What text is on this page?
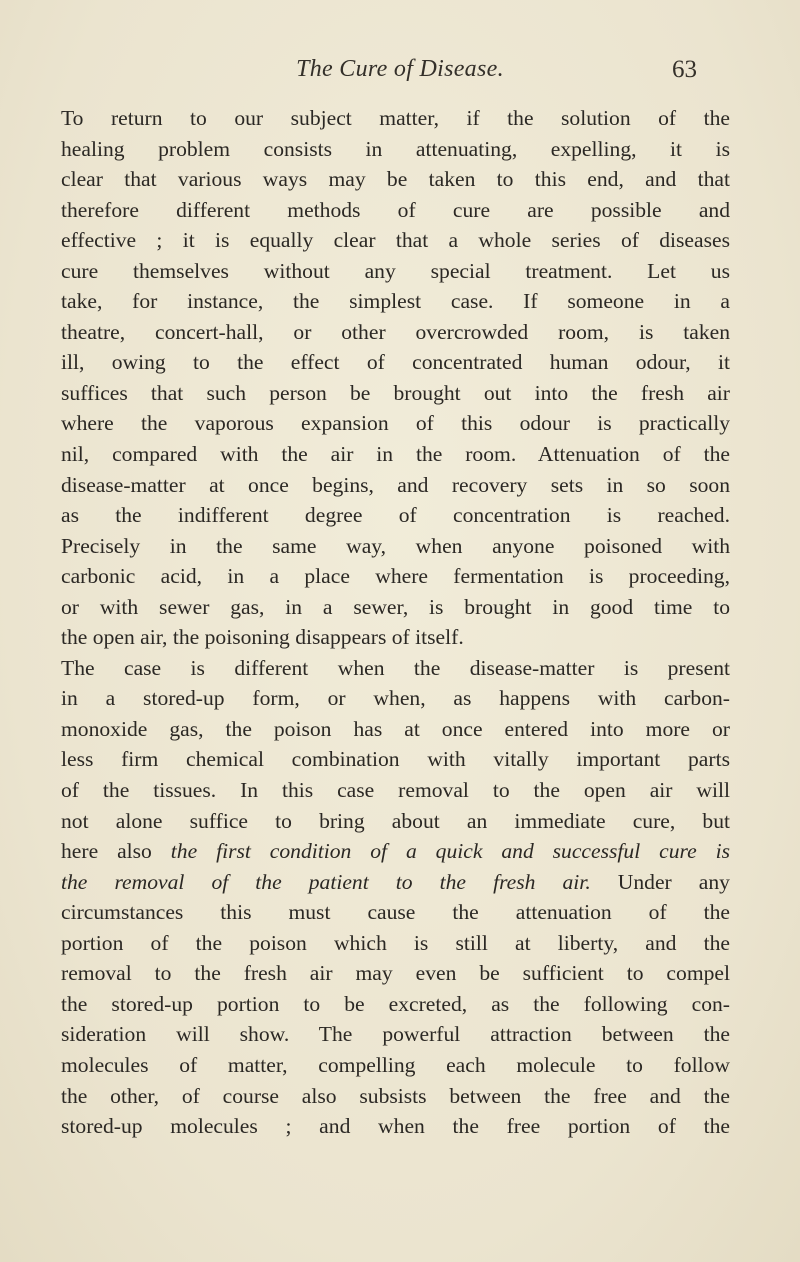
The Cure of Disease.	63
To return to our subject matter, if the solution of the
healing problem consists in attenuating, expelling, it is
clear that various ways may be taken to this end, and that
therefore different methods of cure are possible and
effective ; it is equally clear that a whole series of diseases
cure themselves without any special treatment. Let us
take, for instance, the simplest case. If someone in a
theatre, concert-hall, or other overcrowded room, is taken
ill, owing to the effect of concentrated human odour, it
suffices that such person be brought out into the fresh air
where the vaporous expansion of this odour is practically
nil, compared with the air in the room. Attenuation of the
disease-matter at once begins, and recovery sets in so soon
as the indifferent degree of concentration is reached.
Precisely in the same way, when anyone poisoned with
carbonic acid, in a place where fermentation is proceeding,
or with sewer gas, in a sewer, is brought in good time to
the open air, the poisoning disappears of itself.
The case is different when the disease-matter is present
in a stored-up form, or when, as happens with carbon-
monoxide gas, the poison has at once entered into more or
less firm chemical combination with vitally important parts
of the tissues. In this case removal to the open air will
not alone suffice to bring about an immediate cure, but
here also the first condition of a quick and successful cure is
the removal of the patient to the fresh air. Under any
circumstances this must cause the attenuation of the
portion of the poison which is still at liberty, and the
removal to the fresh air may even be sufficient to compel
the stored-up portion to be excreted, as the following con-
sideration will show. The powerful attraction between the
molecules of matter, compelling each molecule to follow
the other, of course also subsists between the free and the
stored-up molecules ; and when the free portion of the
